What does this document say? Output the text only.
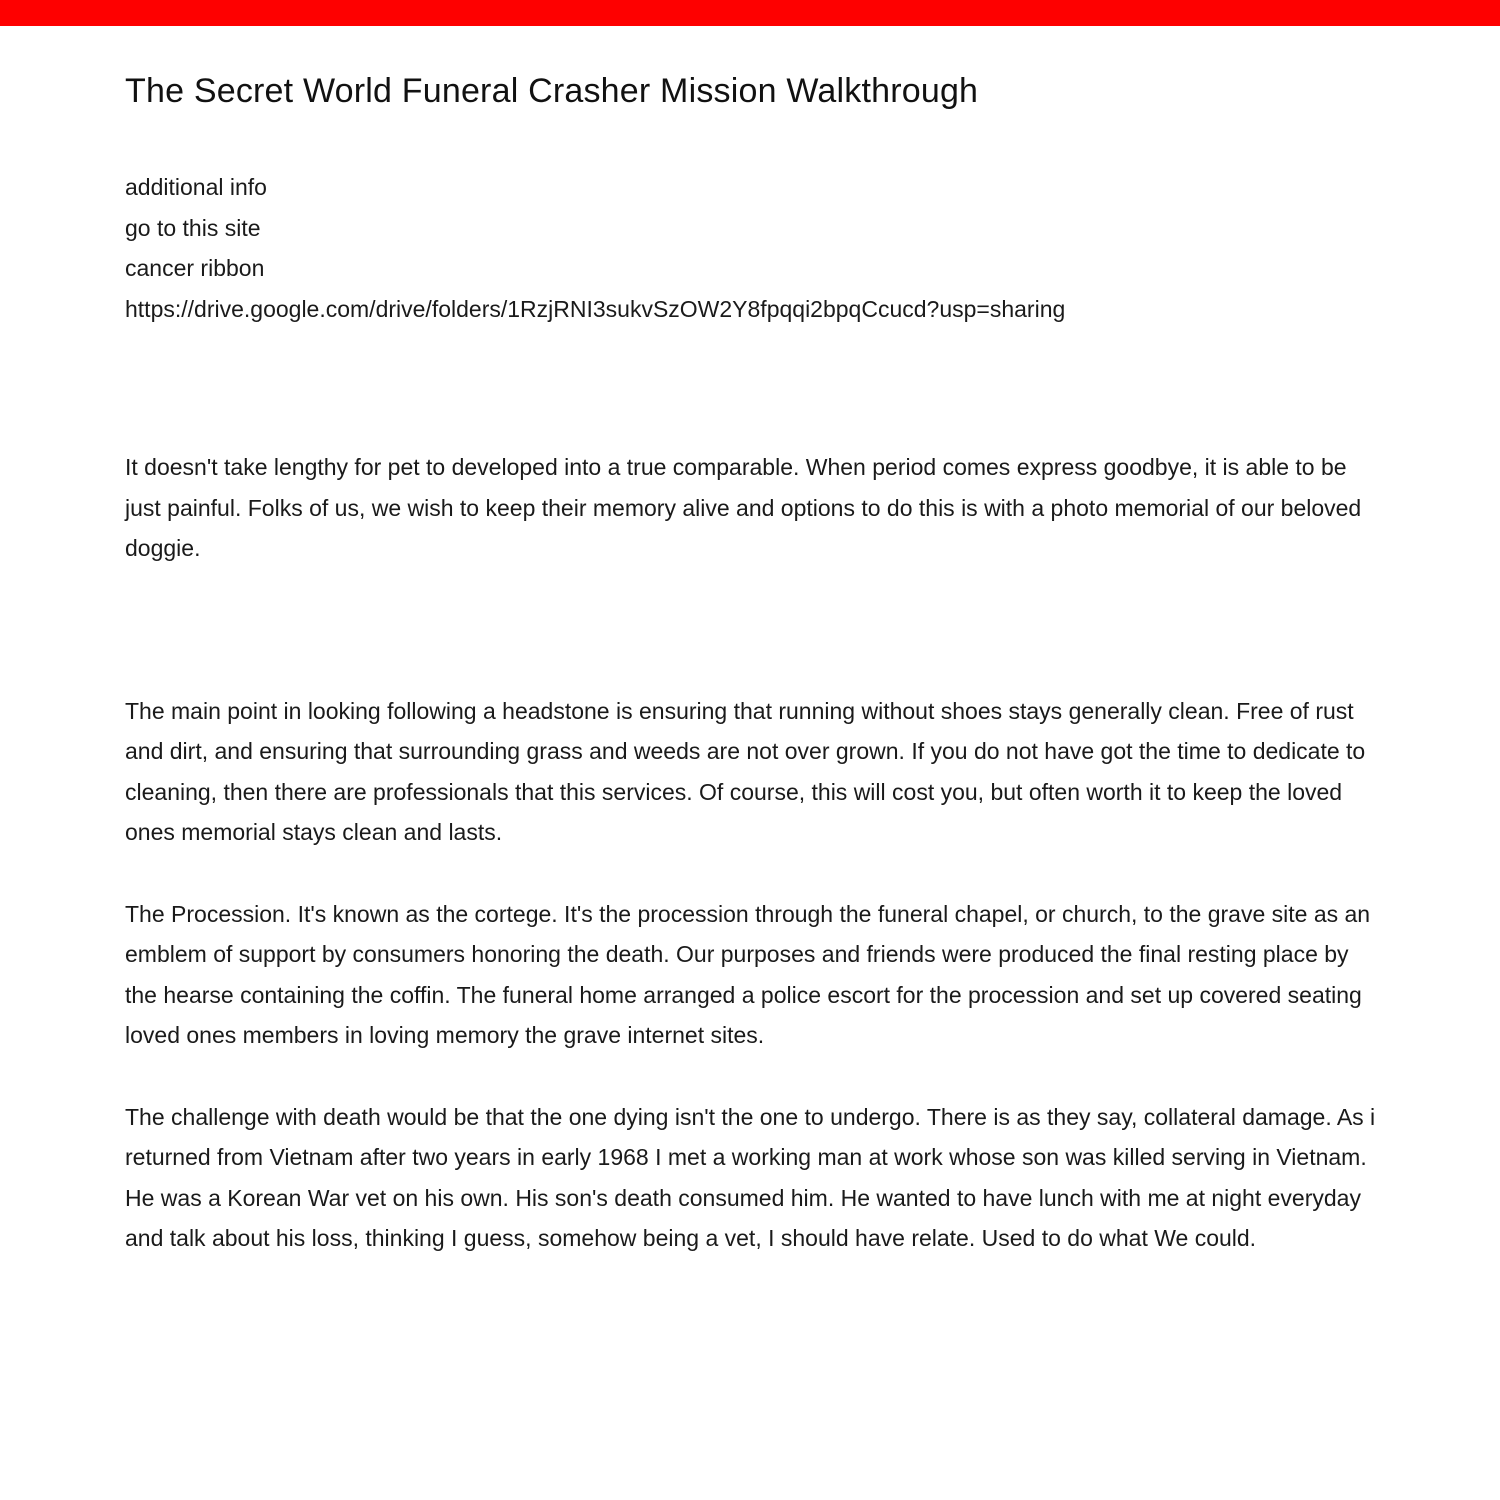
The Secret World Funeral Crasher Mission Walkthrough
additional info
go to this site
cancer ribbon
https://drive.google.com/drive/folders/1RzjRNI3sukvSzOW2Y8fpqqi2bpqCcucd?usp=sharing

It doesn't take lengthy for pet to developed into a true comparable. When period comes express goodbye, it is able to be just painful. Folks of us, we wish to keep their memory alive and options to do this is with a photo memorial of our beloved doggie.

The main point in looking following a headstone is ensuring that running without shoes stays generally clean. Free of rust and dirt, and ensuring that surrounding grass and weeds are not over grown. If you do not have got the time to dedicate to cleaning, then there are professionals that this services. Of course, this will cost you, but often worth it to keep the loved ones memorial stays clean and lasts.

The Procession. It's known as the cortege. It's the procession through the funeral chapel, or church, to the grave site as an emblem of support by consumers honoring the death. Our purposes and friends were produced the final resting place by the hearse containing the coffin. The funeral home arranged a police escort for the procession and set up covered seating loved ones members in loving memory the grave internet sites.

The challenge with death would be that the one dying isn't the one to undergo. There is as they say, collateral damage. As i returned from Vietnam after two years in early 1968 I met a working man at work whose son was killed serving in Vietnam. He was a Korean War vet on his own. His son's death consumed him. He wanted to have lunch with me at night everyday and talk about his loss, thinking I guess, somehow being a vet, I should have relate. Used to do what We could.
